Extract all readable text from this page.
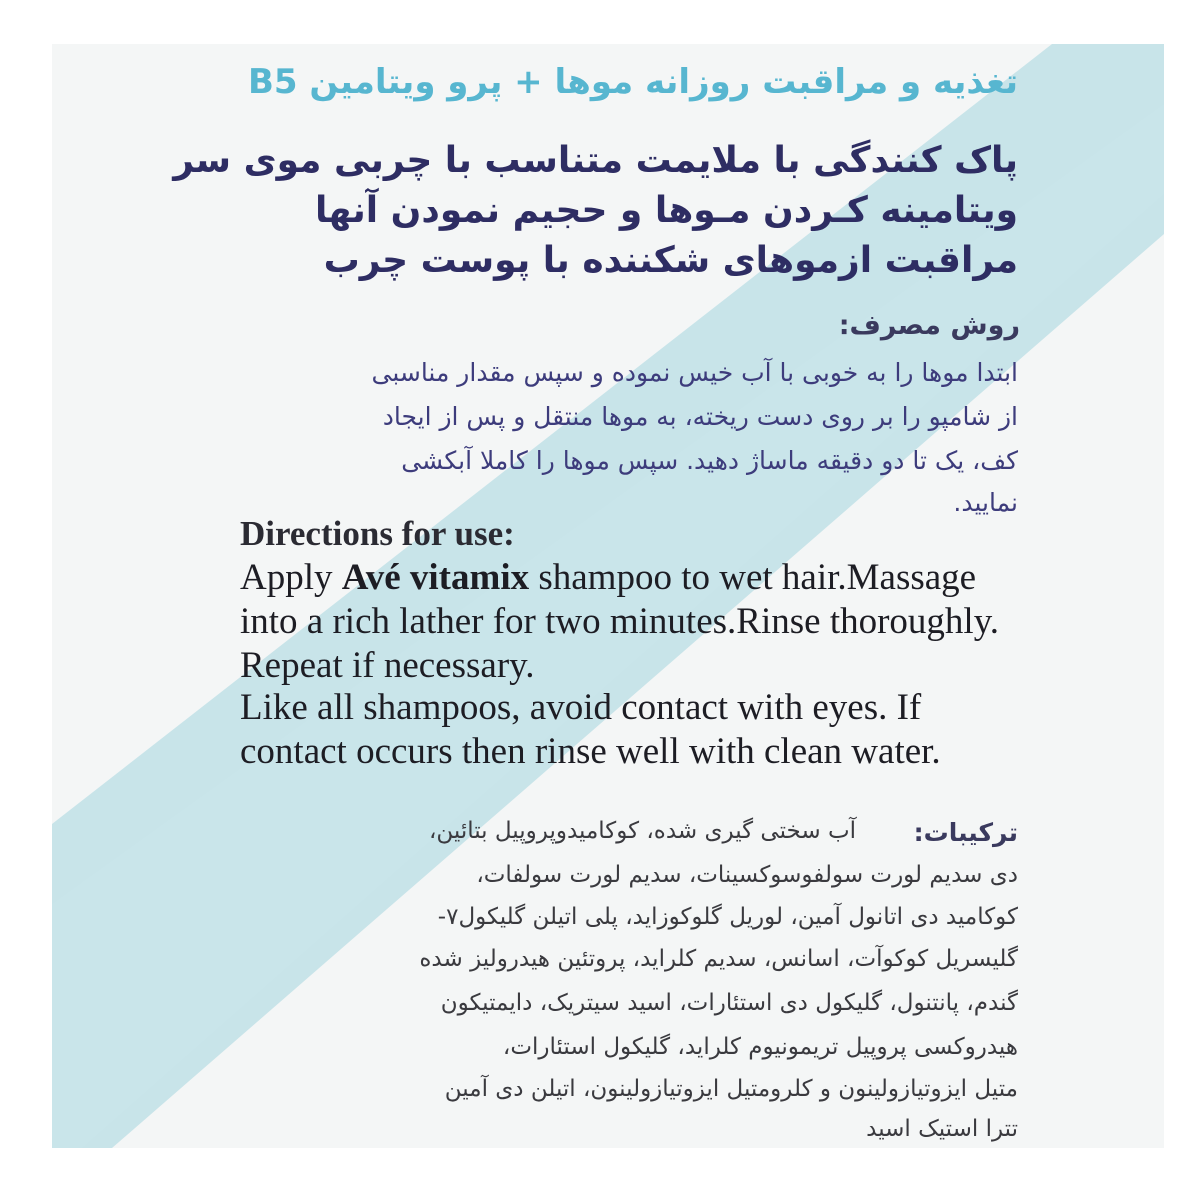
تغذیه و مراقبت روزانه موها + پرو ویتامین B5
پاک کنندگی با ملایمت متناسب با چربی موی سر
ویتامینه کـردن مـوها و حجیم نمودن آنها
مراقبت ازموهای شکننده با پوست چرب
روش مصرف:
ابتدا موها را به خوبی با آب خیس نموده و سپس مقدار مناسبی
از شامپو را بر روی دست ریخته، به موها منتقل و پس از ایجاد
کف، یک تا دو دقیقه ماساژ دهید. سپس موها را کاملا آبکشی
نمایید.
Directions for use:
Apply Avé vitamix shampoo to wet hair.Massage
into a rich lather for two minutes.Rinse thoroughly.
Repeat if necessary.
Like all shampoos, avoid contact with eyes. If
contact occurs then rinse well with clean water.
ترکیبات:
آب سختی گیری شده، کوکامیدوپروپیل بتائین،
دی سدیم لورت سولفوسوکسینات، سدیم لورت سولفات،
کوکامید دی اتانول آمین، لوریل گلوکوزاید، پلی اتیلن گلیکول۷-
گلیسریل کوکوآت، اسانس، سدیم کلراید، پروتئین هیدرولیز شده
گندم، پانتنول، گلیکول دی استئارات، اسید سیتریک، دایمتیکون
هیدروکسی پروپیل تریمونیوم کلراید، گلیکول استئارات،
متیل ایزوتیازولینون و کلرومتیل ایزوتیازولینون، اتیلن دی آمین
تترا استیک اسید
